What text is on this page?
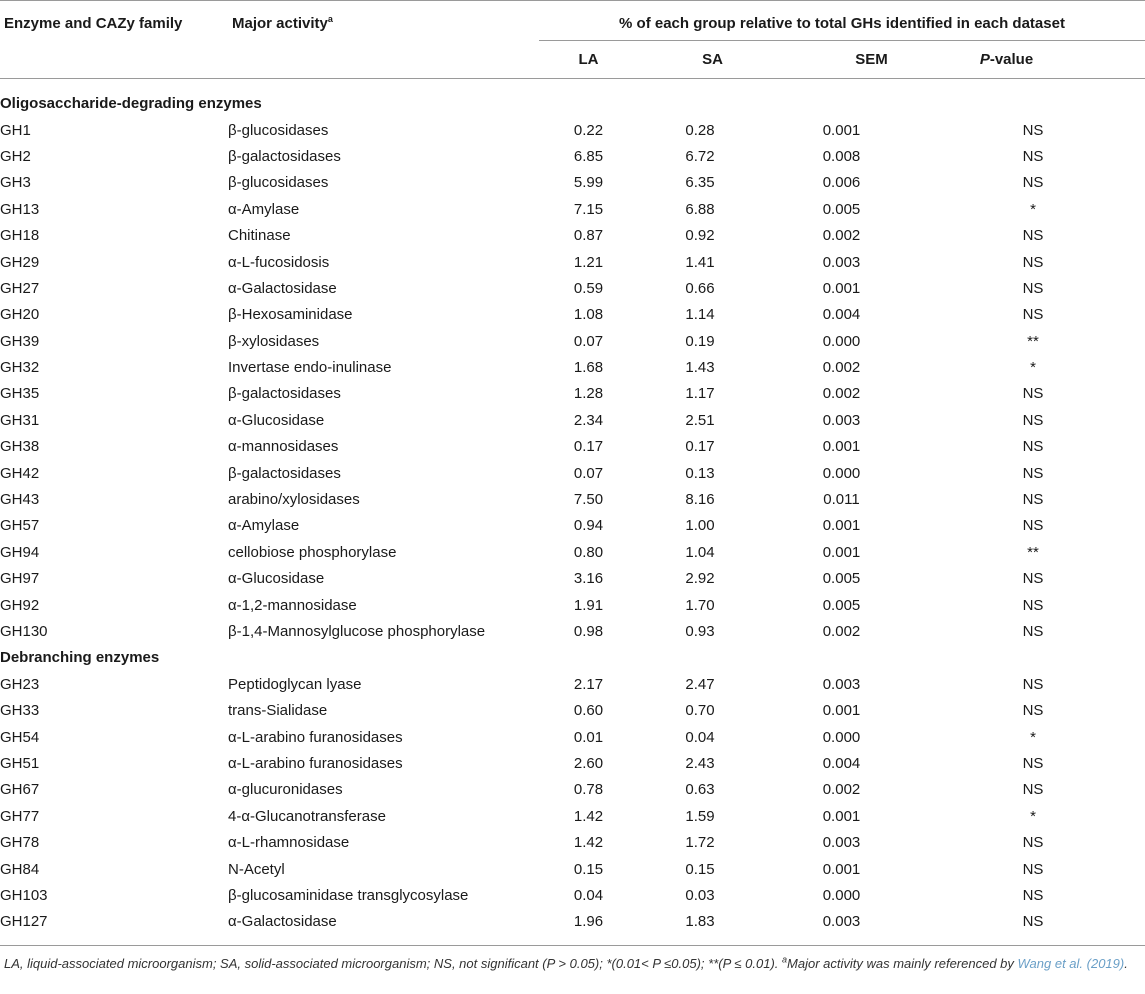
Enzyme and CAZy family	Major activity$^a$	% of each group relative to total GHs identified in each dataset
LA	SA	SEM	P-value
Oligosaccharide-degrading enzymes					
GH1	β-glucosidases	0.22	0.28	0.001	NS
GH2	β-galactosidases	6.85	6.72	0.008	NS
GH3	β-glucosidases	5.99	6.35	0.006	NS
GH13	α-Amylase	7.15	6.88	0.005	*
GH18	Chitinase	0.87	0.92	0.002	NS
GH29	α-L-fucosidosis	1.21	1.41	0.003	NS
GH27	α-Galactosidase	0.59	0.66	0.001	NS
GH20	β-Hexosaminidase	1.08	1.14	0.004	NS
GH39	β-xylosidases	0.07	0.19	0.000	**
GH32	Invertase endo-inulinase	1.68	1.43	0.002	*
GH35	β-galactosidases	1.28	1.17	0.002	NS
GH31	α-Glucosidase	2.34	2.51	0.003	NS
GH38	α-mannosidases	0.17	0.17	0.001	NS
GH42	β-galactosidases	0.07	0.13	0.000	NS
GH43	arabino/xylosidases	7.50	8.16	0.011	NS
GH57	α-Amylase	0.94	1.00	0.001	NS
GH94	cellobiose phosphorylase	0.80	1.04	0.001	**
GH97	α-Glucosidase	3.16	2.92	0.005	NS
GH92	α-1,2-mannosidase	1.91	1.70	0.005	NS
GH130	β-1,4-Mannosylglucose phosphorylase	0.98	0.93	0.002	NS
Debranching enzymes					
GH23	Peptidoglycan lyase	2.17	2.47	0.003	NS
GH33	trans-Sialidase	0.60	0.70	0.001	NS
GH54	α-L-arabino furanosidases	0.01	0.04	0.000	*
GH51	α-L-arabino furanosidases	2.60	2.43	0.004	NS
GH67	α-glucuronidases	0.78	0.63	0.002	NS
GH77	4-α-Glucanotransferase	1.42	1.59	0.001	*
GH78	α-L-rhamnosidase	1.42	1.72	0.003	NS
GH84	N-Acetyl	0.15	0.15	0.001	NS
GH103	β-glucosaminidase transglycosylase	0.04	0.03	0.000	NS
GH127	α-Galactosidase	1.96	1.83	0.003	NS
LA, liquid-associated microorganism; SA, solid-associated microorganism; NS, not significant (P > 0.05); *(0.01< P ≤0.05); **(P ≤ 0.01). $^a$Major activity was mainly referenced by Wang et al. (2019).
